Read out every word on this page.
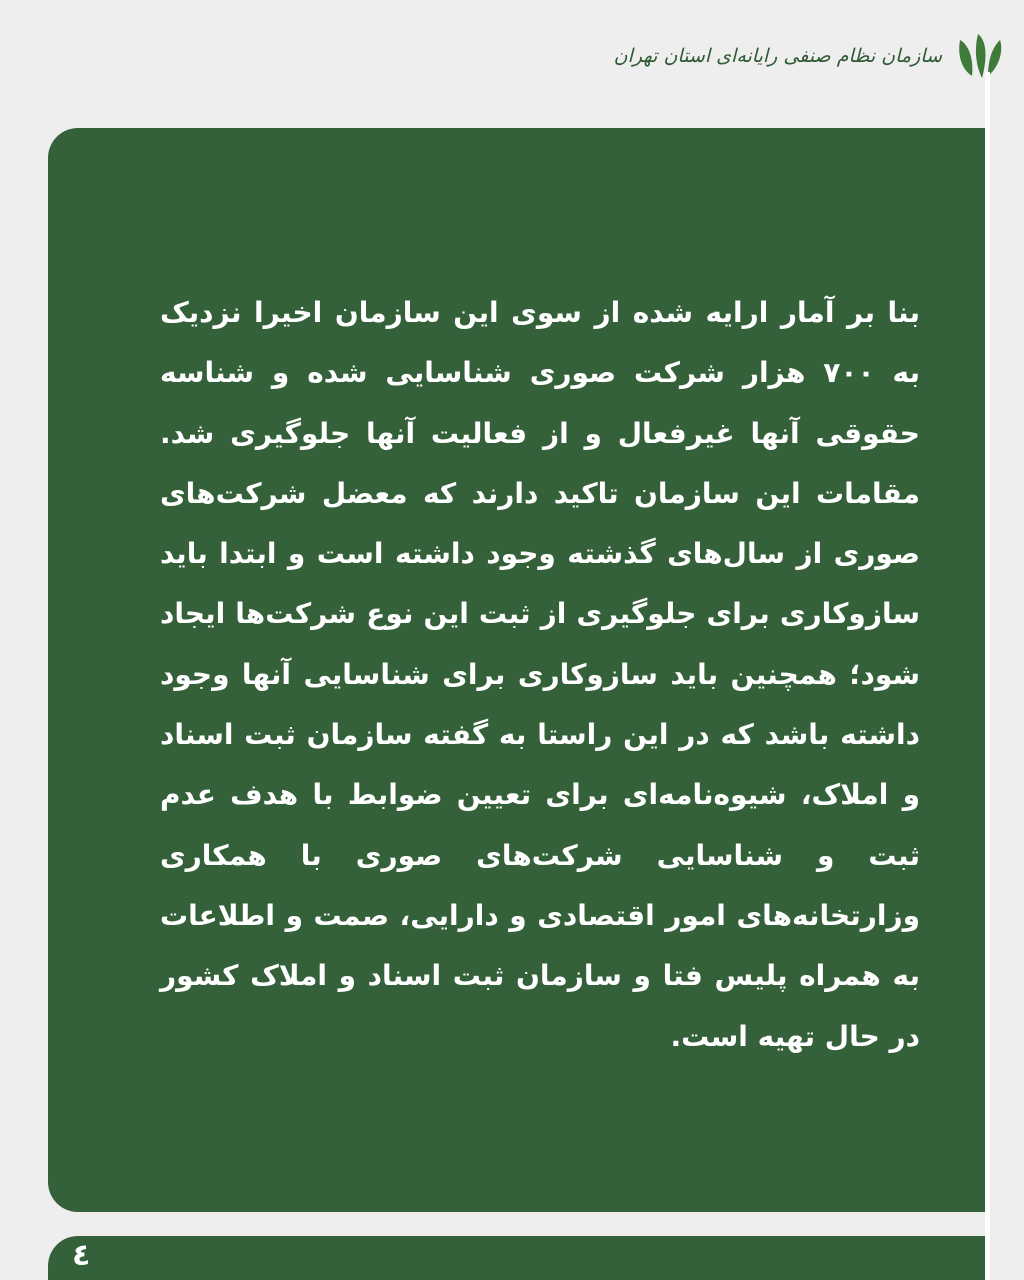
سازمان نظام صنفی رایانه‌ای استان تهران

بنا بر آمار ارایه شده از سوی این سازمان اخیرا نزدیک به ۷۰۰ هزار شرکت صوری شناسایی شده و شناسه حقوقی آنها غیرفعال و از فعالیت آنها جلوگیری شد. مقامات این سازمان تاکید دارند که معضل شرکت‌های صوری از سال‌های گذشته وجود داشته است و ابتدا باید سازوکاری برای جلوگیری از ثبت این نوع شرکت‌ها ایجاد شود؛ همچنین باید سازوکاری برای شناسایی آنها وجود داشته باشد که در این راستا به گفته سازمان ثبت اسناد و املاک، شیوه‌نامه‌ای برای تعیین ضوابط با هدف عدم ثبت و شناسایی شرکت‌های صوری با همکاری وزارتخانه‌های امور اقتصادی و دارایی، صمت و اطلاعات به همراه پلیس فتا و سازمان ثبت اسناد و املاک کشور در حال تهیه است.

٤
